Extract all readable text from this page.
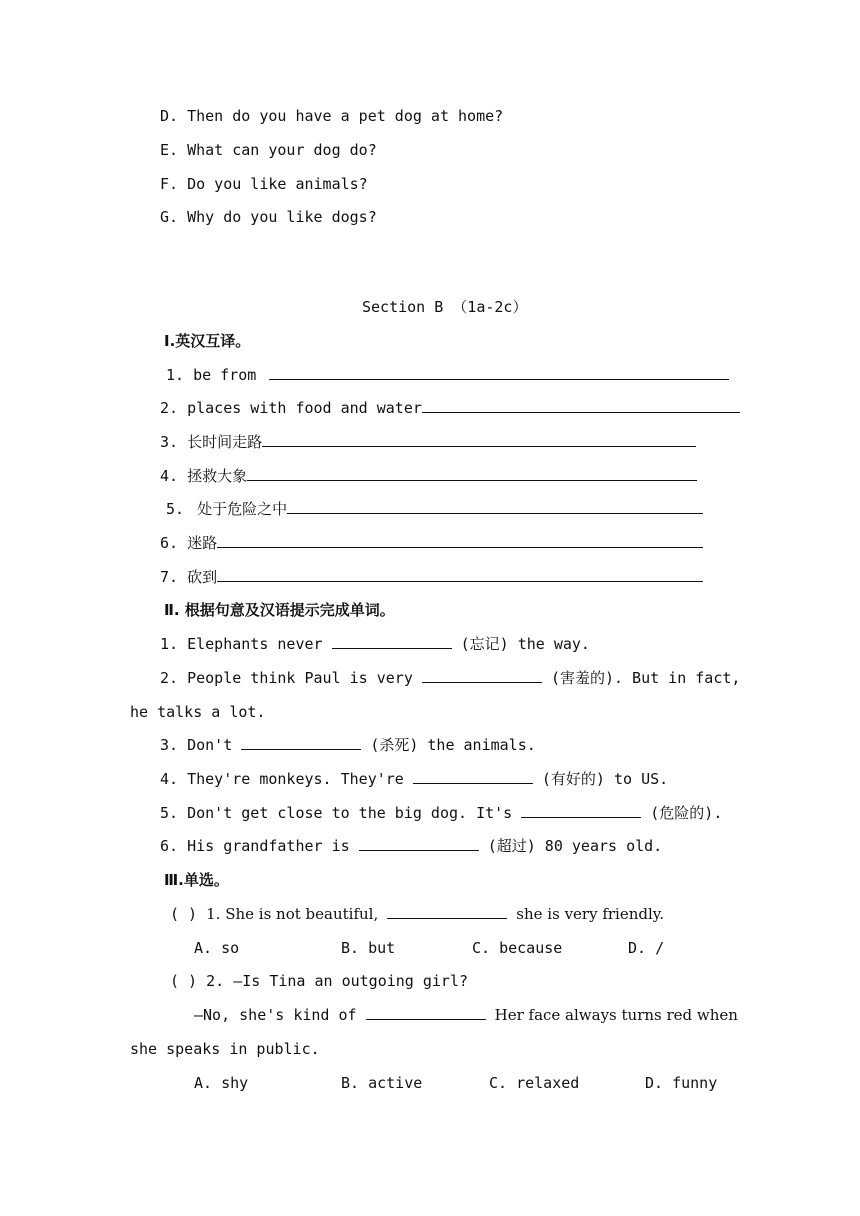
D. Then do you have a pet dog at home?
E. What can your dog do?
F. Do you like animals?
G. Why do you like dogs?
Section B （1a-2c）
Ⅰ.英汉互译。
1. be from
2. places with food and water
3. 长时间走路
4. 拯救大象
5. 处于危险之中
6. 迷路
7. 砍到
Ⅱ. 根据句意及汉语提示完成单词。
1. Elephants never	(忘记) the way.
2. People think Paul is very	(害羞的). But in fact,
he talks a lot.
3. Don't	(杀死) the animals.
4. They're monkeys. They're	(有好的) to US.
5. Don't get close to the big dog. It's	(危险的).
6. His grandfather is	(超过) 80 years old.
Ⅲ.单选。
( ) 1. She is not beautiful,	she is very friendly.
A. so	B. but	C. because	D. /
( ) 2. —Is Tina an outgoing girl?
—No, she's kind of	Her face always turns red when
she speaks in public.
A. shy	B. active	C. relaxed	D. funny
